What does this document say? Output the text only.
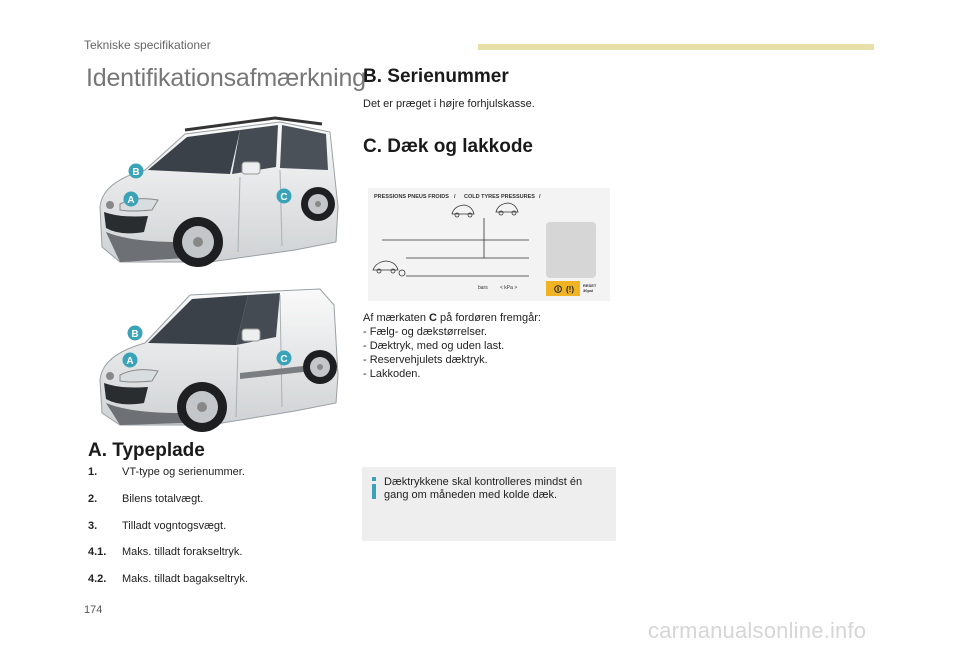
Tekniske specifikationer
Identifikationsafmærkning
B
A	C
B
A	C
B. Serienummer
Det er præget i højre forhjulskasse.
C. Dæk og lakkode
PRESSIONS PNEUS FROIDS / COLD TYRES PRESSURES /
bars < kPa >	🛈 (!) RESET
30psi
Af mærkaten C på fordøren fremgår:
- Fælg- og dækstørrelser.
- Dæktryk, med og uden last.
- Reservehjulets dæktryk.
- Lakkoden.
Dæktrykkene skal kontrolleres mindst én
gang om måneden med kolde dæk.
A. Typeplade
1. VT-type og serienummer.
2. Bilens totalvægt.
3. Tilladt vogntogsvægt.
4.1. Maks. tilladt forakseltryk.
4.2. Maks. tilladt bagakseltryk.
174
carmanualsonline.info
